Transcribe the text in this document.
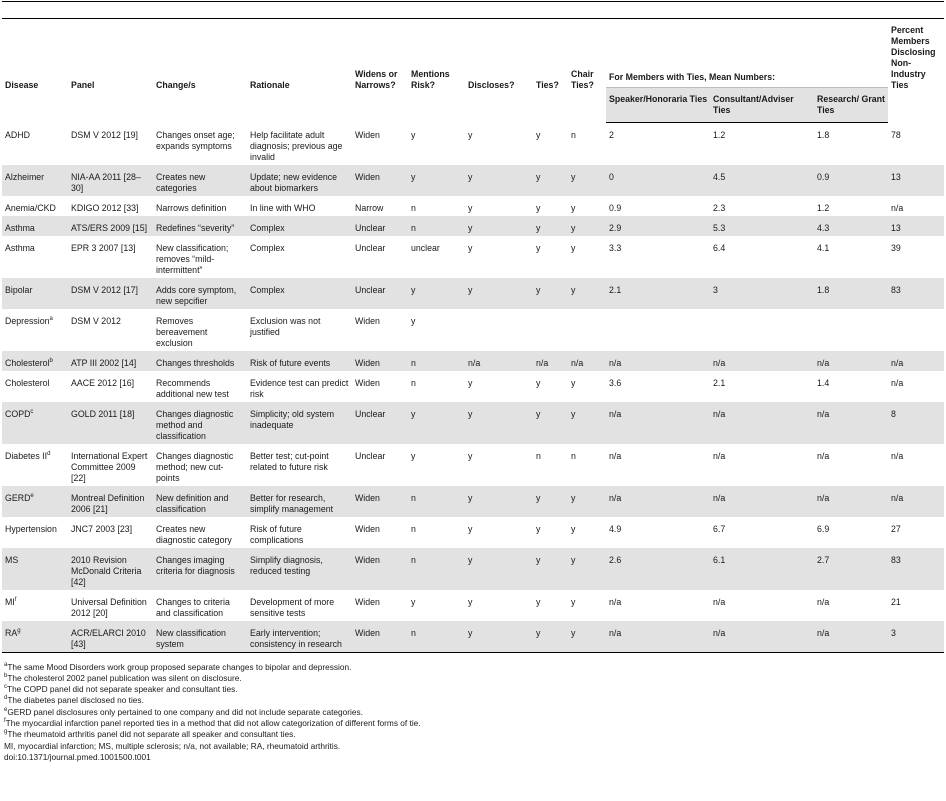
Disease	Panel	Change/s	Rationale	Widens or Narrows?	Mentions Risk?	Discloses?	Ties?	Chair Ties?	For Members with Ties, Mean Numbers:			Percent Members Disclosing Non-Industry Ties
									Speaker/Honoraria Ties	Consultant/Adviser Ties	Research/ Grant Ties	
ADHD	DSM V 2012 [19]	Changes onset age; expands symptoms	Help facilitate adult diagnosis; previous age invalid	Widen	y	y	y	n	2	1.2	1.8	78
Alzheimer	NIA-AA 2011 [28–30]	Creates new categories	Update; new evidence about biomarkers	Widen	y	y	y	y	0	4.5	0.9	13
Anemia/CKD	KDIGO 2012 [33]	Narrows definition	In line with WHO	Narrow	n	y	y	y	0.9	2.3	1.2	n/a
Asthma	ATS/ERS 2009 [15]	Redefines “severity”	Complex	Unclear	n	y	y	y	2.9	5.3	4.3	13
Asthma	EPR 3 2007 [13]	New classification; removes “mild-intermittent”	Complex	Unclear	unclear	y	y	y	3.3	6.4	4.1	39
Bipolar	DSM V 2012 [17]	Adds core symptom, new sepcifier	Complex	Unclear	y	y	y	y	2.1	3	1.8	83
Depression$^a$	DSM V 2012	Removes bereavement exclusion	Exclusion was not justified	Widen	y							
Cholesterol$^b$	ATP III 2002 [14]	Changes thresholds	Risk of future events	Widen	n	n/a	n/a	n/a	n/a	n/a	n/a	n/a
Cholesterol	AACE 2012 [16]	Recommends additional new test	Evidence test can predict risk	Widen	n	y	y	y	3.6	2.1	1.4	n/a
COPD$^c$	GOLD 2011 [18]	Changes diagnostic method and classification	Simplicity; old system inadequate	Unclear	y	y	y	y	n/a	n/a	n/a	8
Diabetes $II^d$	International Expert Committee 2009 [22]	Changes diagnostic method; new cut-points	Better test; cut-point related to future risk	Unclear	y	y	n	n	n/a	n/a	n/a	n/a
GERD$^e$	Montreal Definition 2006 [21]	New definition and classification	Better for research, simplify management	Widen	n	y	y	y	n/a	n/a	n/a	n/a
Hypertension	JNC7 2003 [23]	Creates new diagnostic category	Risk of future complications	Widen	n	y	y	y	4.9	6.7	6.9	27
MS	2010 Revision McDonald Criteria [42]	Changes imaging criteria for diagnosis	Simplify diagnosis, reduced testing	Widen	n	y	y	y	2.6	6.1	2.7	83
$MI^f$	Universal Definition 2012 [20]	Changes to criteria and classification	Development of more sensitive tests	Widen	y	y	y	y	n/a	n/a	n/a	21
$RA^g$	ACR/ELARCI 2010 [43]	New classification system	Early intervention; consistency in research	Widen	n	y	y	y	n/a	n/a	n/a	3
$^a$The same Mood Disorders work group proposed separate changes to bipolar and depression.
$^b$The cholesterol 2002 panel publication was silent on disclosure.
$^c$The COPD panel did not separate speaker and consultant ties.
$^d$The diabetes panel disclosed no ties.
$^e$GERD panel disclosures only pertained to one company and did not include separate categories.
$^f$The myocardial infarction panel reported ties in a method that did not allow categorization of different forms of tie.
$^g$The rheumatoid arthritis panel did not separate all speaker and consultant ties.
MI, myocardial infarction; MS, multiple sclerosis; n/a, not available; RA, rheumatoid arthritis.
doi:10.1371/journal.pmed.1001500.t001
